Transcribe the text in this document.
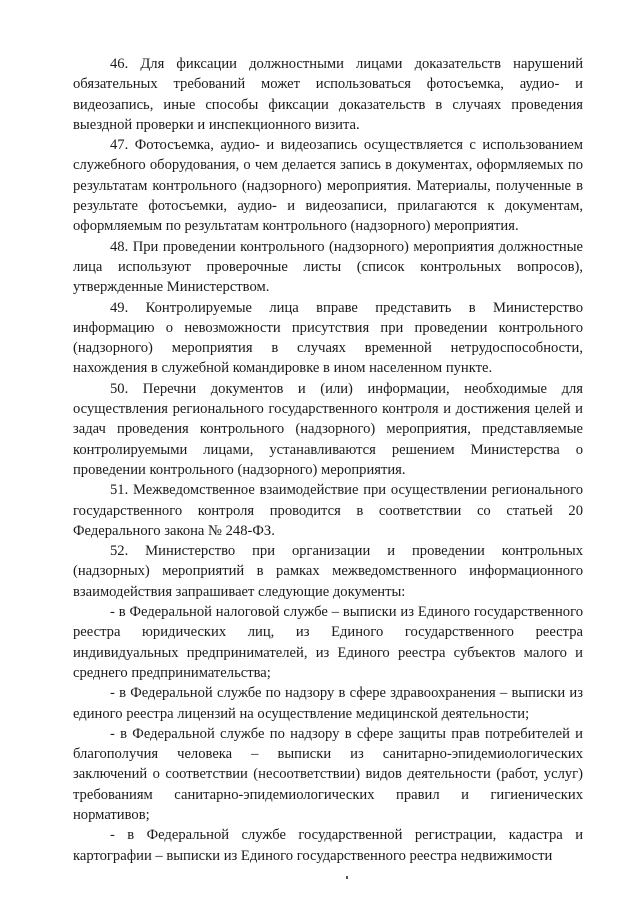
46. Для фиксации должностными лицами доказательств нарушений обязательных требований может использоваться фотосъемка, аудио- и видеозапись, иные способы фиксации доказательств в случаях проведения выездной проверки и инспекционного визита.

47. Фотосъемка, аудио- и видеозапись осуществляется с использованием служебного оборудования, о чем делается запись в документах, оформляемых по результатам контрольного (надзорного) мероприятия. Материалы, полученные в результате фотосъемки, аудио- и видеозаписи, прилагаются к документам, оформляемым по результатам контрольного (надзорного) мероприятия.

48. При проведении контрольного (надзорного) мероприятия должностные лица используют проверочные листы (список контрольных вопросов), утвержденные Министерством.

49. Контролируемые лица вправе представить в Министерство информацию о невозможности присутствия при проведении контрольного (надзорного) мероприятия в случаях временной нетрудоспособности, нахождения в служебной командировке в ином населенном пункте.

50. Перечни документов и (или) информации, необходимые для осуществления регионального государственного контроля и достижения целей и задач проведения контрольного (надзорного) мероприятия, представляемые контролируемыми лицами, устанавливаются решением Министерства о проведении контрольного (надзорного) мероприятия.

51. Межведомственное взаимодействие при осуществлении регионального государственного контроля проводится в соответствии со статьей 20 Федерального закона № 248-ФЗ.

52. Министерство при организации и проведении контрольных (надзорных) мероприятий в рамках межведомственного информационного взаимодействия запрашивает следующие документы:

- в Федеральной налоговой службе – выписки из Единого государственного реестра юридических лиц, из Единого государственного реестра индивидуальных предпринимателей, из Единого реестра субъектов малого и среднего предпринимательства;

- в Федеральной службе по надзору в сфере здравоохранения – выписки из единого реестра лицензий на осуществление медицинской деятельности;

- в Федеральной службе по надзору в сфере защиты прав потребителей и благополучия человека – выписки из санитарно-эпидемиологических заключений о соответствии (несоответствии) видов деятельности (работ, услуг) требованиям санитарно-эпидемиологических правил и гигиенических нормативов;

- в Федеральной службе государственной регистрации, кадастра и картографии – выписки из Единого государственного реестра недвижимости
